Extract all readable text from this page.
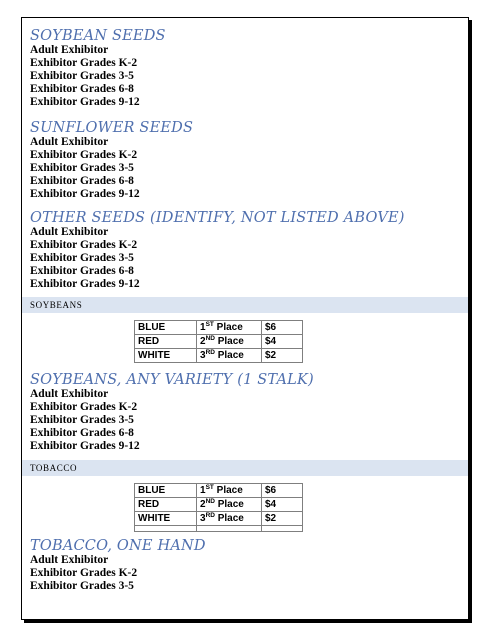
SOYBEAN SEEDS
Adult Exhibitor
Exhibitor Grades K-2
Exhibitor Grades 3-5
Exhibitor Grades 6-8
Exhibitor Grades 9-12
SUNFLOWER SEEDS
Adult Exhibitor
Exhibitor Grades K-2
Exhibitor Grades 3-5
Exhibitor Grades 6-8
Exhibitor Grades 9-12
OTHER SEEDS (IDENTIFY, NOT LISTED ABOVE)
Adult Exhibitor
Exhibitor Grades K-2
Exhibitor Grades 3-5
Exhibitor Grades 6-8
Exhibitor Grades 9-12
SOYBEANS
BLUE	1ST Place	$6
RED	2ND Place	$4
WHITE	3RD Place	$2
SOYBEANS, ANY VARIETY (1 STALK)
Adult Exhibitor
Exhibitor Grades K-2
Exhibitor Grades 3-5
Exhibitor Grades 6-8
Exhibitor Grades 9-12
TOBACCO
BLUE	1ST Place	$6
RED	2ND Place	$4
WHITE	3RD Place	$2

TOBACCO, ONE HAND
Adult Exhibitor
Exhibitor Grades K-2
Exhibitor Grades 3-5
